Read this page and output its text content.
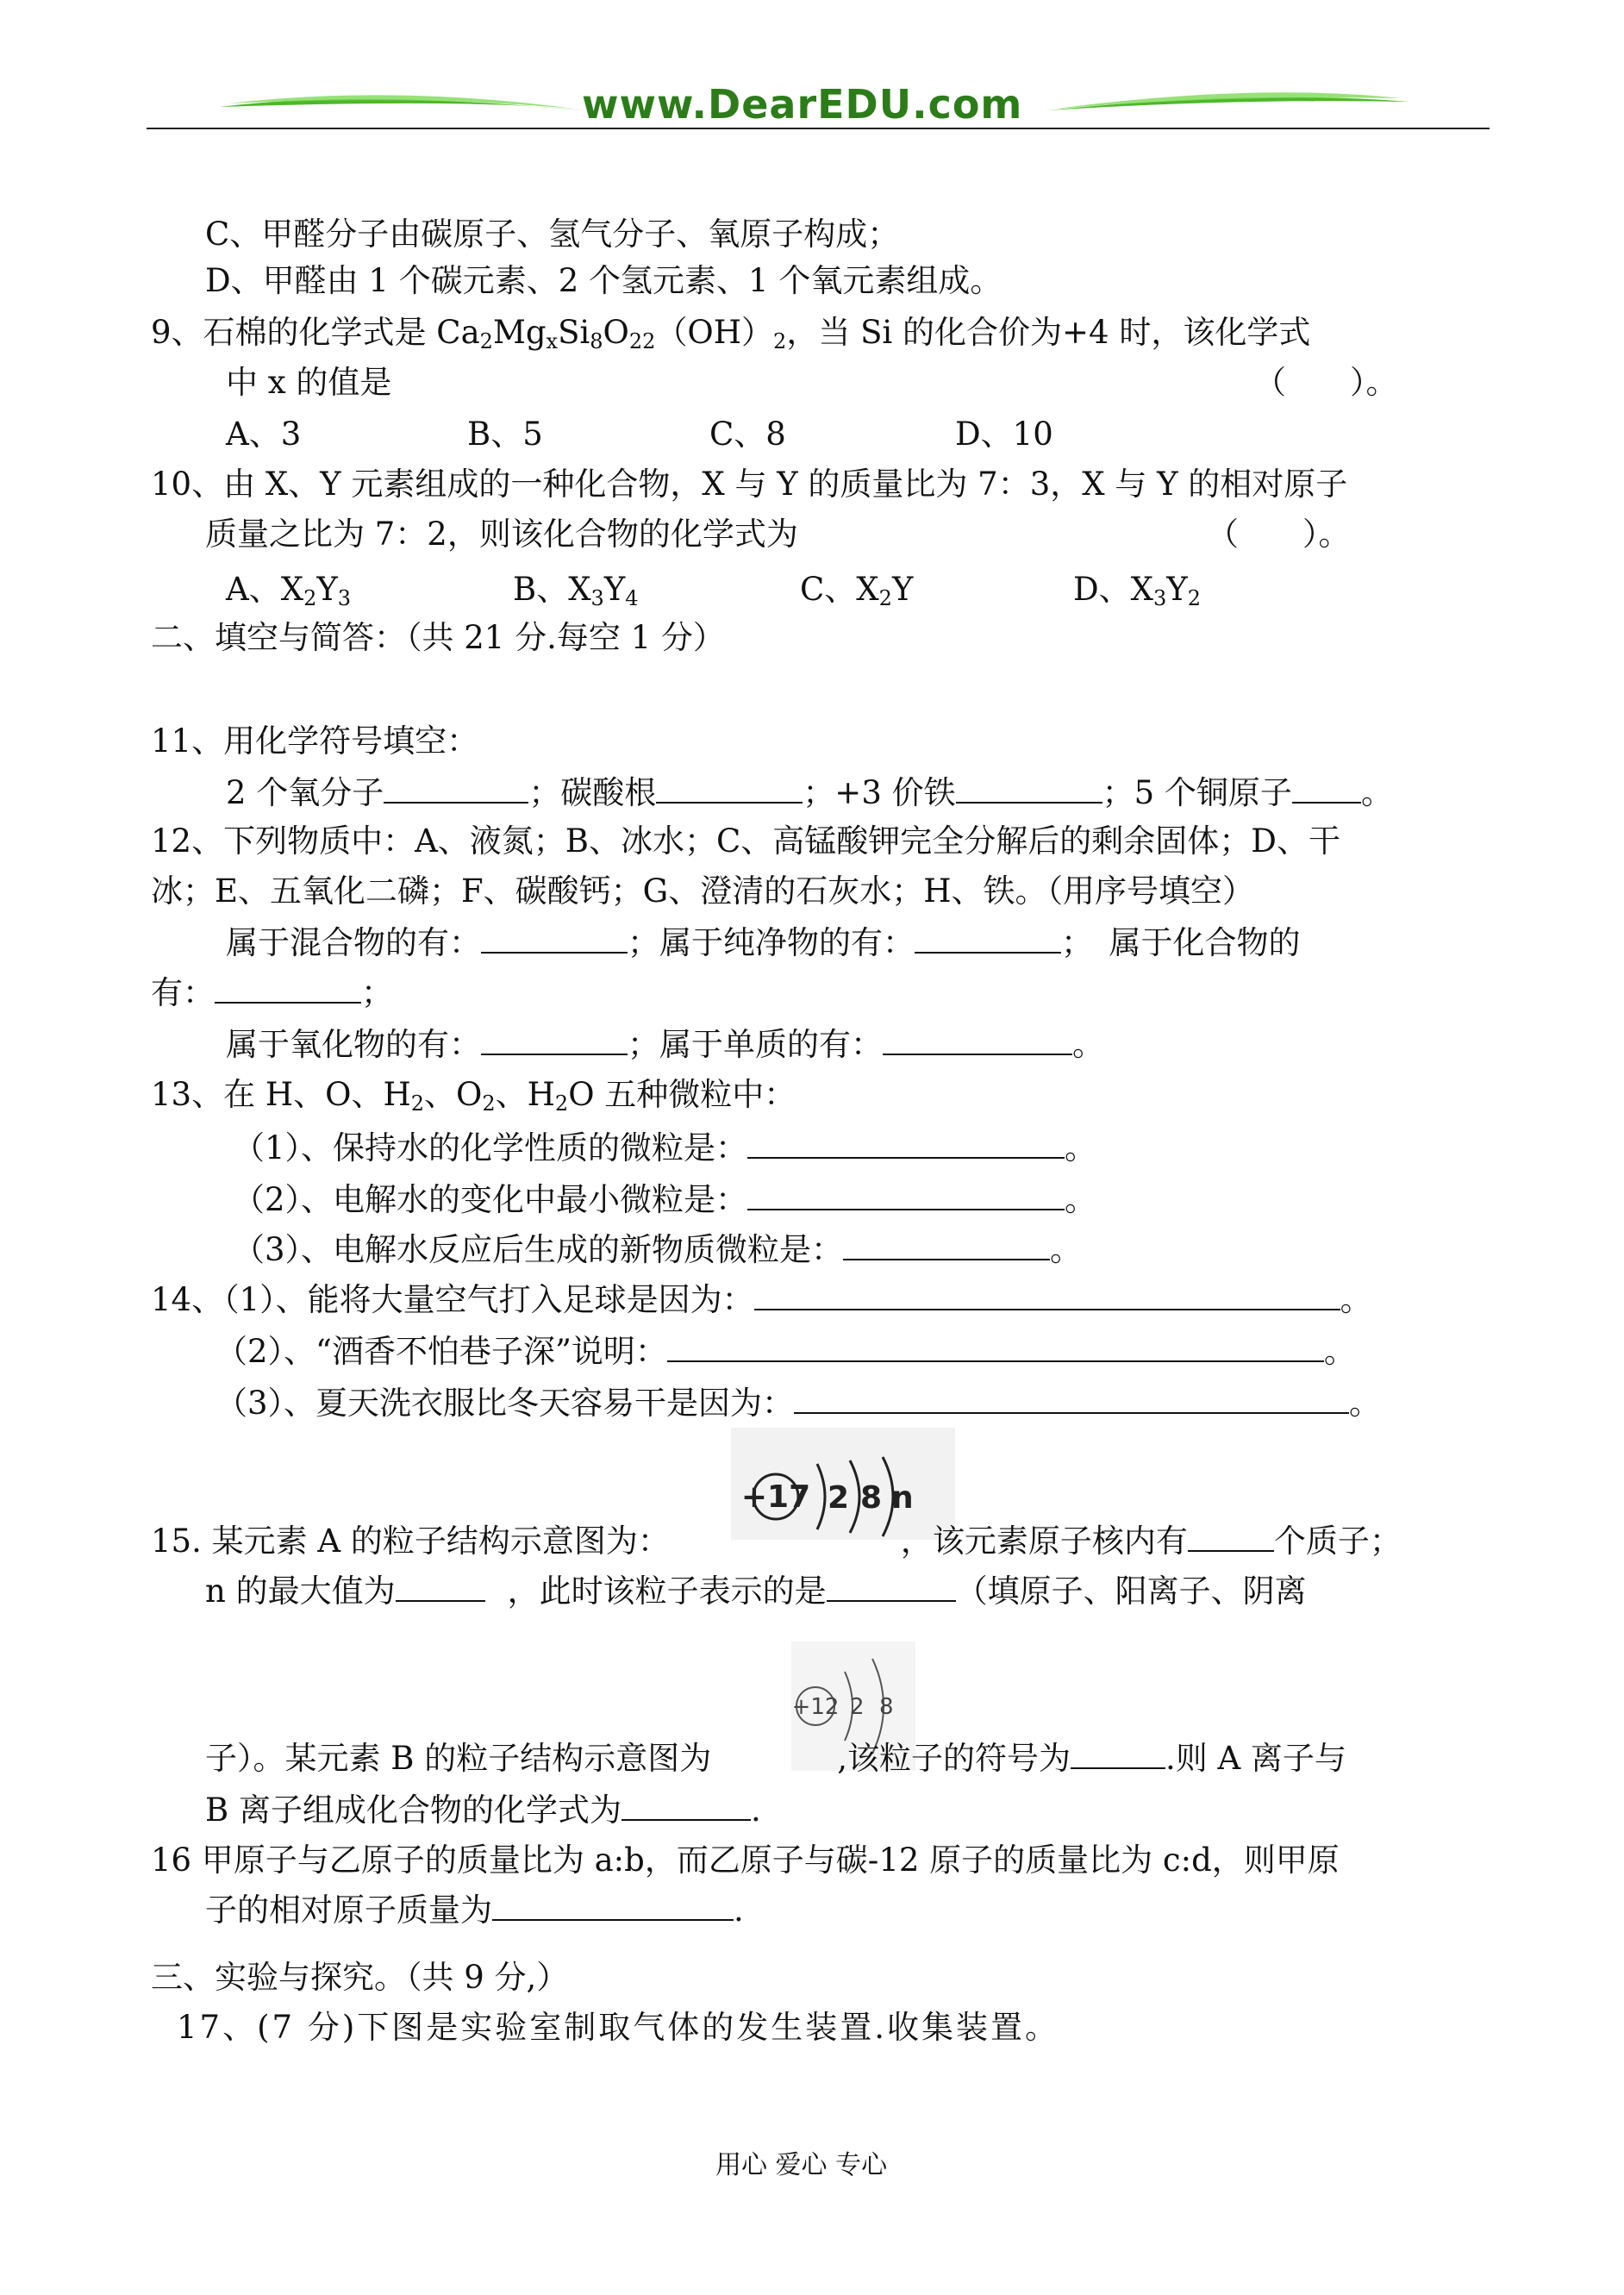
www.DearEDU.com
C、甲醛分子由碳原子、氢气分子、氧原子构成；
D、甲醛由 1 个碳元素、2 个氢元素、1 个氧元素组成。
9、石棉的化学式是 $Ca_2Mg_xSi_8O_{22}(OH)_2$，当 Si 的化合价为+4 时，该化学式
中 x 的值是	（　　）。
A、3	B、5	C、8	D、10
10、由 X、Y 元素组成的一种化合物，X 与 Y 的质量比为 7：3，X 与 Y 的相对原子
质量之比为 7：2，则该化合物的化学式为	（　　）。
A、$X_2Y_3$	B、$X_3Y_4$	C、$X_2Y$	D、$X_3Y_2$
二、填空与简答：（共 21 分.每空 1 分）
11、用化学符号填空：
2 个氧分子	；碳酸根	；+3 价铁	；5 个铜原子 。
12、下列物质中：A、液氮；B、冰水；C、高锰酸钾完全分解后的剩余固体；D、干
冰；E、五氧化二磷；F、碳酸钙；G、澄清的石灰水；H、铁。（用序号填空）
属于混合物的有：	；属于纯净物的有：	；　属于化合物的
有：	；
属于氧化物的有：	；属于单质的有：	。
13、在 H、O、$H_2$、$O_2$、$H_2O$ 五种微粒中：
（1）、保持水的化学性质的微粒是：	。
（2）、电解水的变化中最小微粒是：	。
（3）、电解水反应后生成的新物质微粒是：	。
14、（1）、能将大量空气打入足球是因为：	。
（2）、“酒香不怕巷子深”说明：	。
（3）、夏天洗衣服比冬天容易干是因为：	。
+17 2 8 n
15. 某元素 A 的粒子结构示意图为：	，该元素原子核内有	个质子；
n 的最大值为	，此时该粒子表示的是	（填原子、阳离子、阴离
+12 2 8
子）。某元素 B 的粒子结构示意图为	,该粒子的符号为	.则 A 离子与
B 离子组成化合物的化学式为	.
16 甲原子与乙原子的质量比为 a:b，而乙原子与碳-12 原子的质量比为 c:d，则甲原
子的相对原子质量为	.
三、实验与探究。（共 9 分,）
17、(7 分)下图是实验室制取气体的发生装置.收集装置。
用心 爱心 专心
